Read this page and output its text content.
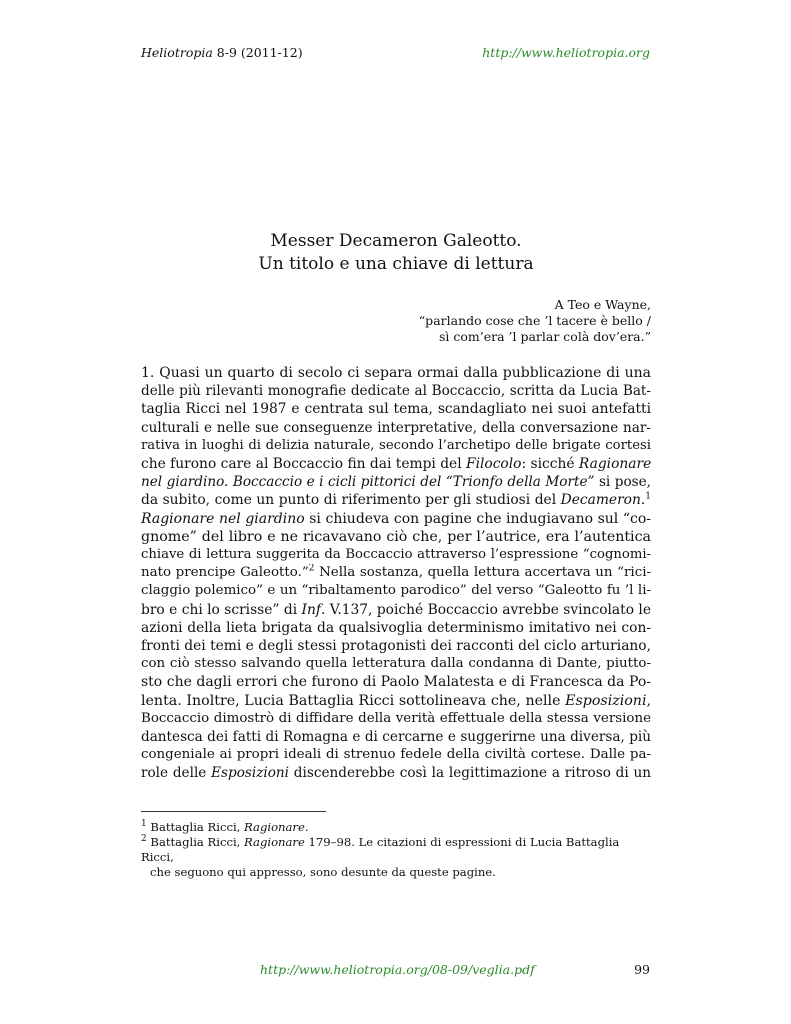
Heliotropia 8-9 (2011-12)	http://www.heliotropia.org
Messer Decameron Galeotto.
Un titolo e una chiave di lettura
A Teo e Wayne,
“parlando cose che ’l tacere è bello /
sì com’era ’l parlar colà dov’era.”
1. Quasi un quarto di secolo ci separa ormai dalla pubblicazione di una
delle più rilevanti monografie dedicate al Boccaccio, scritta da Lucia Bat-
taglia Ricci nel 1987 e centrata sul tema, scandagliato nei suoi antefatti
culturali e nelle sue conseguenze interpretative, della conversazione nar-
rativa in luoghi di delizia naturale, secondo l’archetipo delle brigate cortesi
che furono care al Boccaccio fin dai tempi del Filocolo: sicché Ragionare
nel giardino. Boccaccio e i cicli pittorici del “Trionfo della Morte” si pose,
da subito, come un punto di riferimento per gli studiosi del Decameron.$^1$
Ragionare nel giardino si chiudeva con pagine che indugiavano sul “co-
gnome” del libro e ne ricavavano ciò che, per l’autrice, era l’autentica
chiave di lettura suggerita da Boccaccio attraverso l’espressione “cognomi-
nato prencipe Galeotto.”$^2$ Nella sostanza, quella lettura accertava un “rici-
claggio polemico” e un “ribaltamento parodico” del verso “Galeotto fu ’l li-
bro e chi lo scrisse” di Inf. V.137, poiché Boccaccio avrebbe svincolato le
azioni della lieta brigata da qualsivoglia determinismo imitativo nei con-
fronti dei temi e degli stessi protagonisti dei racconti del ciclo arturiano,
con ciò stesso salvando quella letteratura dalla condanna di Dante, piutto-
sto che dagli errori che furono di Paolo Malatesta e di Francesca da Po-
lenta. Inoltre, Lucia Battaglia Ricci sottolineava che, nelle Esposizioni,
Boccaccio dimostrò di diffidare della verità effettuale della stessa versione
dantesca dei fatti di Romagna e di cercarne e suggerirne una diversa, più
congeniale ai propri ideali di strenuo fedele della civiltà cortese. Dalle pa-
role delle Esposizioni discenderebbe così la legittimazione a ritroso di un
$^1$ Battaglia Ricci, Ragionare.
$^2$ Battaglia Ricci, Ragionare 179–98. Le citazioni di espressioni di Lucia Battaglia Ricci,
che seguono qui appresso, sono desunte da queste pagine.
http://www.heliotropia.org/08-09/veglia.pdf	99
